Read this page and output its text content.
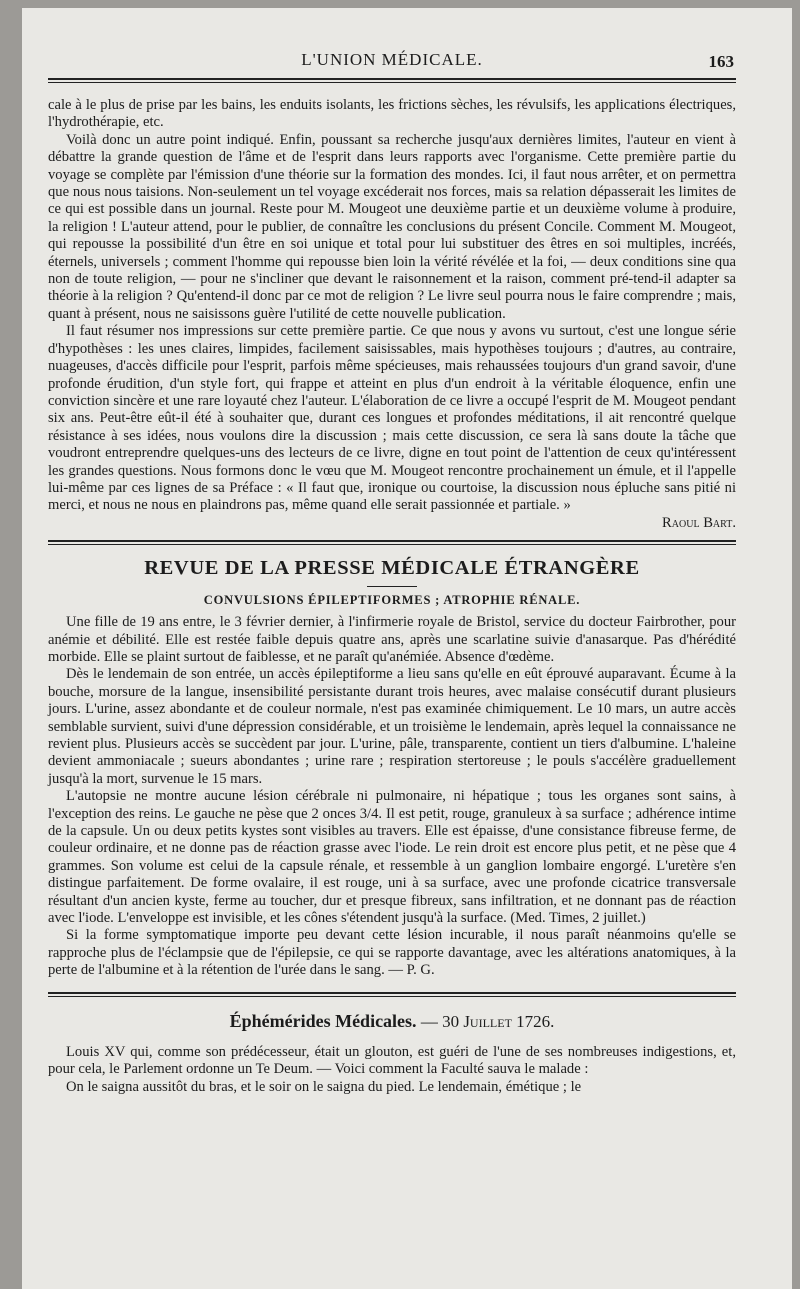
L'UNION MÉDICALE.	163

cale à le plus de prise par les bains, les enduits isolants, les frictions sèches, les révulsifs, les applications électriques, l'hydrothérapie, etc.

Voilà donc un autre point indiqué. Enfin, poussant sa recherche jusqu'aux dernières limites, l'auteur en vient à débattre la grande question de l'âme et de l'esprit dans leurs rapports avec l'organisme. Cette première partie du voyage se complète par l'émission d'une théorie sur la formation des mondes. Ici, il faut nous arrêter, et on permettra que nous nous taisions. Non-seulement un tel voyage excéderait nos forces, mais sa relation dépasserait les limites de ce qui est possible dans un journal. Reste pour M. Mougeot une deuxième partie et un deuxième volume à produire, la religion ! L'auteur attend, pour le publier, de connaître les conclusions du présent Concile. Comment M. Mougeot, qui repousse la possibilité d'un être en soi unique et total pour lui substituer des êtres en soi multiples, incréés, éternels, universels ; comment l'homme qui repousse bien loin la vérité révélée et la foi, — deux conditions sine qua non de toute religion, — pour ne s'incliner que devant le raisonnement et la raison, comment pré-tend-il adapter sa théorie à la religion ? Qu'entend-il donc par ce mot de religion ? Le livre seul pourra nous le faire comprendre ; mais, quant à présent, nous ne saisissons guère l'utilité de cette nouvelle publication.

Il faut résumer nos impressions sur cette première partie. Ce que nous y avons vu surtout, c'est une longue série d'hypothèses : les unes claires, limpides, facilement saisissables, mais hypothèses toujours ; d'autres, au contraire, nuageuses, d'accès difficile pour l'esprit, parfois même spécieuses, mais rehaussées toujours d'un grand savoir, d'une profonde érudition, d'un style fort, qui frappe et atteint en plus d'un endroit à la véritable éloquence, enfin une conviction sincère et une rare loyauté chez l'auteur. L'élaboration de ce livre a occupé l'esprit de M. Mougeot pendant six ans. Peut-être eût-il été à souhaiter que, durant ces longues et profondes méditations, il ait rencontré quelque résistance à ses idées, nous voulons dire la discussion ; mais cette discussion, ce sera là sans doute la tâche que voudront entreprendre quelques-uns des lecteurs de ce livre, digne en tout point de l'attention de ceux qu'intéressent les grandes questions. Nous formons donc le vœu que M. Mougeot rencontre prochainement un émule, et il l'appelle lui-même par ces lignes de sa Préface : « Il faut que, ironique ou courtoise, la discussion nous épluche sans pitié ni merci, et nous ne nous en plaindrons pas, même quand elle serait passionnée et partiale. »

Raoul Bart.
REVUE DE LA PRESSE MÉDICALE ÉTRANGÈRE
CONVULSIONS ÉPILEPTIFORMES ; ATROPHIE RÉNALE.

Une fille de 19 ans entre, le 3 février dernier, à l'infirmerie royale de Bristol, service du docteur Fairbrother, pour anémie et débilité. Elle est restée faible depuis quatre ans, après une scarlatine suivie d'anasarque. Pas d'hérédité morbide. Elle se plaint surtout de faiblesse, et ne paraît qu'anémiée. Absence d'œdème.

Dès le lendemain de son entrée, un accès épileptiforme a lieu sans qu'elle en eût éprouvé auparavant. Écume à la bouche, morsure de la langue, insensibilité persistante durant trois heures, avec malaise consécutif durant plusieurs jours. L'urine, assez abondante et de couleur normale, n'est pas examinée chimiquement. Le 10 mars, un autre accès semblable survient, suivi d'une dépression considérable, et un troisième le lendemain, après lequel la connaissance ne revient plus. Plusieurs accès se succèdent par jour. L'urine, pâle, transparente, contient un tiers d'albumine. L'haleine devient ammoniacale ; sueurs abondantes ; urine rare ; respiration stertoreuse ; le pouls s'accélère graduellement jusqu'à la mort, survenue le 15 mars.

L'autopsie ne montre aucune lésion cérébrale ni pulmonaire, ni hépatique ; tous les organes sont sains, à l'exception des reins. Le gauche ne pèse que 2 onces 3/4. Il est petit, rouge, granuleux à sa surface ; adhérence intime de la capsule. Un ou deux petits kystes sont visibles au travers. Elle est épaisse, d'une consistance fibreuse ferme, de couleur ordinaire, et ne donne pas de réaction grasse avec l'iode. Le rein droit est encore plus petit, et ne pèse que 4 grammes. Son volume est celui de la capsule rénale, et ressemble à un ganglion lombaire engorgé. L'uretère s'en distingue parfaitement. De forme ovalaire, il est rouge, uni à sa surface, avec une profonde cicatrice transversale résultant d'un ancien kyste, ferme au toucher, dur et presque fibreux, sans infiltration, et ne donnant pas de réaction avec l'iode. L'enveloppe est invisible, et les cônes s'étendent jusqu'à la surface. (Med. Times, 2 juillet.)

Si la forme symptomatique importe peu devant cette lésion incurable, il nous paraît néanmoins qu'elle se rapproche plus de l'éclampsie que de l'épilepsie, ce qui se rapporte davantage, avec les altérations anatomiques, à la perte de l'albumine et à la rétention de l'urée dans le sang. — P. G.

Éphémérides Médicales. — 30 Juillet 1726.

Louis XV qui, comme son prédécesseur, était un glouton, est guéri de l'une de ses nombreuses indigestions, et, pour cela, le Parlement ordonne un Te Deum. — Voici comment la Faculté sauva le malade :

On le saigna aussitôt du bras, et le soir on le saigna du pied. Le lendemain, émétique ; le
